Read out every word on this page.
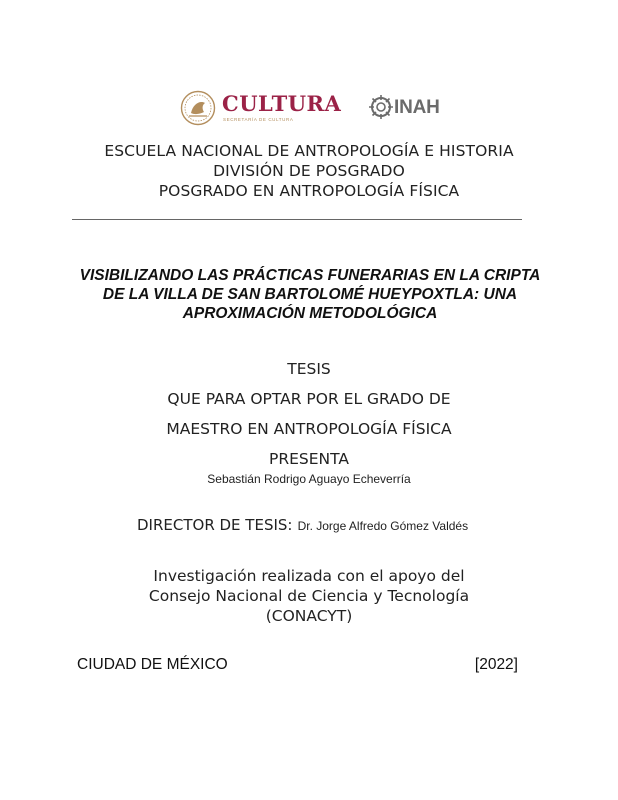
CULTURA
SECRETARÍA DE CULTURA
INAH
ESCUELA NACIONAL DE ANTROPOLOGÍA E HISTORIA
DIVISIÓN DE POSGRADO
POSGRADO EN ANTROPOLOGÍA FÍSICA
VISIBILIZANDO LAS PRÁCTICAS FUNERARIAS EN LA CRIPTA
DE LA VILLA DE SAN BARTOLOMÉ HUEYPOXTLA: UNA
APROXIMACIÓN METODOLÓGICA
TESIS
QUE PARA OPTAR POR EL GRADO DE
MAESTRO EN ANTROPOLOGÍA FÍSICA
PRESENTA
Sebastián Rodrigo Aguayo Echeverría
DIRECTOR DE TESIS: Dr. Jorge Alfredo Gómez Valdés
Investigación realizada con el apoyo del
Consejo Nacional de Ciencia y Tecnología
(CONACYT)
CIUDAD DE MÉXICO	[2022]
